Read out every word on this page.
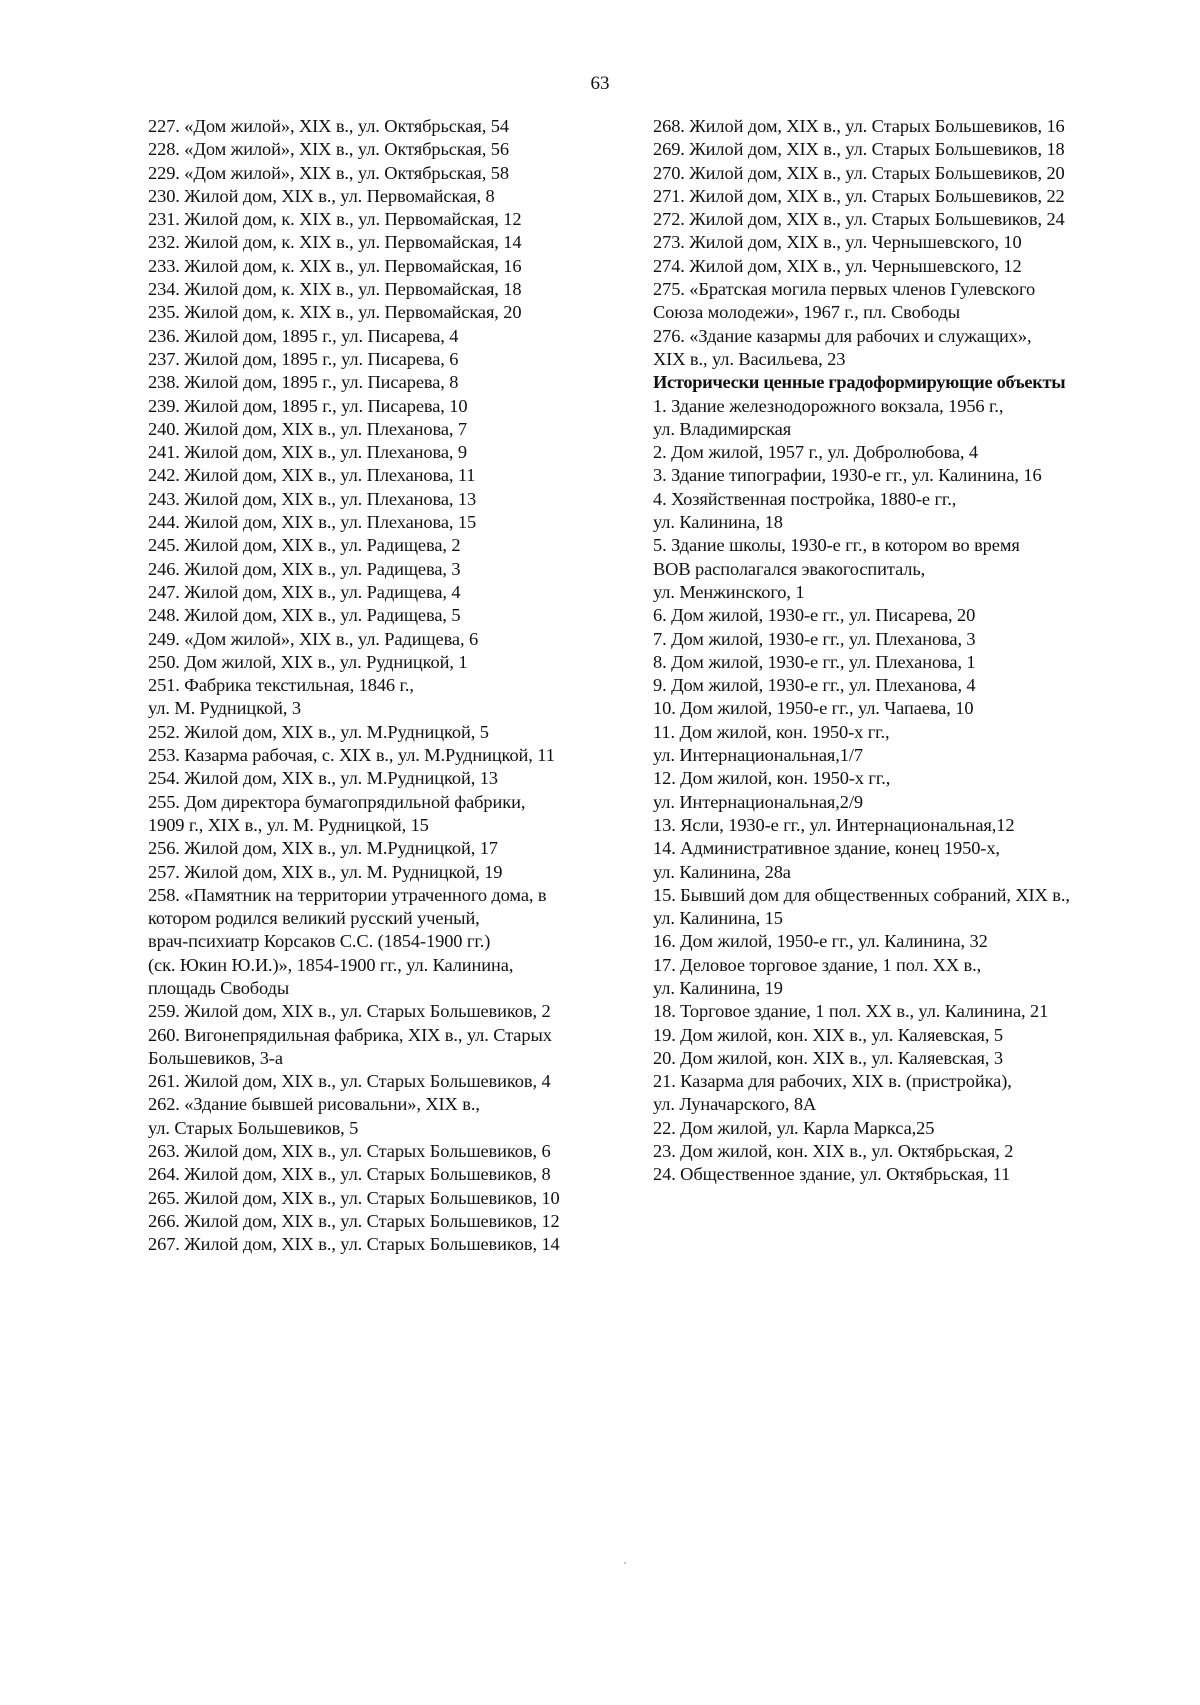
63
227. «Дом жилой», XIX в., ул. Октябрьская, 54
228. «Дом жилой», XIX в., ул. Октябрьская, 56
229. «Дом жилой», XIX в., ул. Октябрьская, 58
230. Жилой дом, XIX в., ул. Первомайская, 8
231. Жилой дом, к. XIX в., ул. Первомайская, 12
232. Жилой дом, к. XIX в., ул. Первомайская, 14
233. Жилой дом, к. XIX в., ул. Первомайская, 16
234. Жилой дом, к. XIX в., ул. Первомайская, 18
235. Жилой дом, к. XIX в., ул. Первомайская, 20
236. Жилой дом, 1895 г., ул. Писарева, 4
237. Жилой дом, 1895 г., ул. Писарева, 6
238. Жилой дом, 1895 г., ул. Писарева, 8
239. Жилой дом, 1895 г., ул. Писарева, 10
240. Жилой дом, XIX в., ул. Плеханова, 7
241. Жилой дом, XIX в., ул. Плеханова, 9
242. Жилой дом, XIX в., ул. Плеханова, 11
243. Жилой дом, XIX в., ул. Плеханова, 13
244. Жилой дом, XIX в., ул. Плеханова, 15
245. Жилой дом, XIX в., ул. Радищева, 2
246. Жилой дом, XIX в., ул. Радищева, 3
247. Жилой дом, XIX в., ул. Радищева, 4
248. Жилой дом, XIX в., ул. Радищева, 5
249. «Дом жилой», XIX в., ул. Радищева, 6
250. Дом жилой, XIX в., ул. Рудницкой, 1
251. Фабрика текстильная, 1846 г.,
ул. М. Рудницкой, 3
252. Жилой дом, XIX в., ул. М.Рудницкой, 5
253. Казарма рабочая, с. XIX в., ул. М.Рудницкой, 11
254. Жилой дом, XIX в., ул. М.Рудницкой, 13
255. Дом директора бумагопрядильной фабрики,
1909 г., XIX в., ул. М. Рудницкой, 15
256. Жилой дом, XIX в., ул. М.Рудницкой, 17
257. Жилой дом, XIX в., ул. М. Рудницкой, 19
258. «Памятник на территории утраченного дома, в
котором родился великий русский ученый,
врач-психиатр Корсаков С.С. (1854-1900 гг.)
(ск. Юкин Ю.И.)», 1854-1900 гг., ул. Калинина,
площадь Свободы
259. Жилой дом, XIX в., ул. Старых Большевиков, 2
260. Вигонепрядильная фабрика, XIX в., ул. Старых
Большевиков, 3-а
261. Жилой дом, XIX в., ул. Старых Большевиков, 4
262. «Здание бывшей рисовальни», XIX в.,
ул. Старых Большевиков, 5
263. Жилой дом, XIX в., ул. Старых Большевиков, 6
264. Жилой дом, XIX в., ул. Старых Большевиков, 8
265. Жилой дом, XIX в., ул. Старых Большевиков, 10
266. Жилой дом, XIX в., ул. Старых Большевиков, 12
267. Жилой дом, XIX в., ул. Старых Большевиков, 14
268. Жилой дом, XIX в., ул. Старых Большевиков, 16
269. Жилой дом, XIX в., ул. Старых Большевиков, 18
270. Жилой дом, XIX в., ул. Старых Большевиков, 20
271. Жилой дом, XIX в., ул. Старых Большевиков, 22
272. Жилой дом, XIX в., ул. Старых Большевиков, 24
273. Жилой дом, XIX в., ул. Чернышевского, 10
274. Жилой дом, XIX в., ул. Чернышевского, 12
275. «Братская могила первых членов Гулевского
Союза молодежи», 1967 г., пл. Свободы
276. «Здание казармы для рабочих и служащих»,
XIX в., ул. Васильева, 23
Исторически ценные градоформирующие объекты
1. Здание железнодорожного вокзала, 1956 г.,
ул. Владимирская
2. Дом жилой, 1957 г., ул. Добролюбова, 4
3. Здание типографии, 1930-е гг., ул. Калинина, 16
4. Хозяйственная постройка, 1880-е гг.,
ул. Калинина, 18
5. Здание школы, 1930-е гг., в котором во время
ВОВ располагался эвакогоспиталь,
ул. Менжинского, 1
6. Дом жилой, 1930-е гг., ул. Писарева, 20
7. Дом жилой, 1930-е гг., ул. Плеханова, 3
8. Дом жилой, 1930-е гг., ул. Плеханова, 1
9. Дом жилой, 1930-е гг., ул. Плеханова, 4
10. Дом жилой, 1950-е гг., ул. Чапаева, 10
11. Дом жилой, кон. 1950-х гг.,
ул. Интернациональная,1/7
12. Дом жилой, кон. 1950-х гг.,
ул. Интернациональная,2/9
13. Ясли, 1930-е гг., ул. Интернациональная,12
14. Административное здание, конец 1950-х,
ул. Калинина, 28а
15. Бывший дом для общественных собраний, XIX в.,
ул. Калинина, 15
16. Дом жилой, 1950-е гг., ул. Калинина, 32
17. Деловое торговое здание, 1 пол. XX в.,
ул. Калинина, 19
18. Торговое здание, 1 пол. XX в., ул. Калинина, 21
19. Дом жилой, кон. XIX в., ул. Каляевская, 5
20. Дом жилой, кон. XIX в., ул. Каляевская, 3
21. Казарма для рабочих, XIX в. (пристройка),
ул. Луначарского, 8А
22. Дом жилой, ул. Карла Маркса,25
23. Дом жилой, кон. XIX в., ул. Октябрьская, 2
24. Общественное здание, ул. Октябрьская, 11
